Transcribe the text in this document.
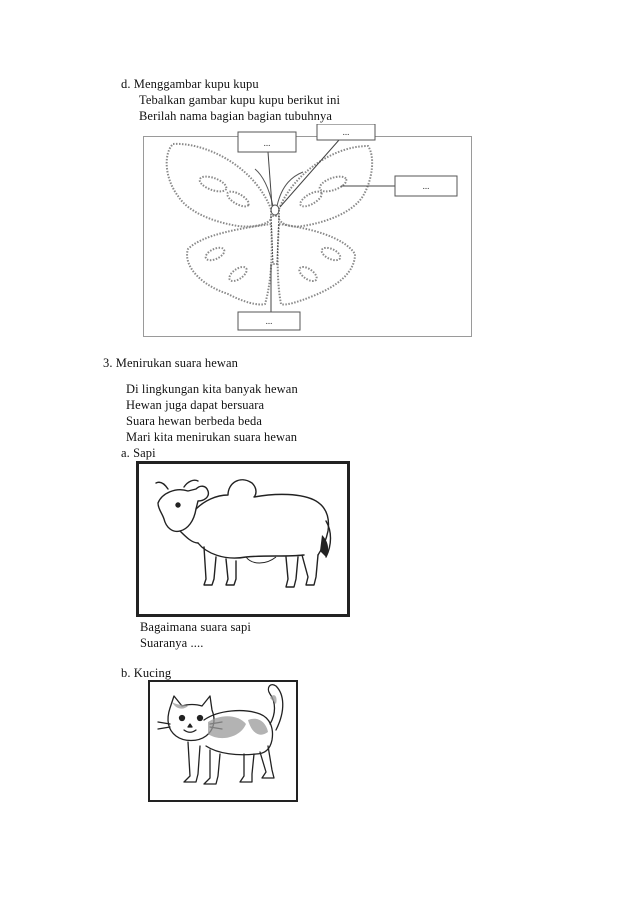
d. Menggambar kupu kupu
Tebalkan gambar kupu kupu berikut ini
Berilah nama bagian bagian tubuhnya
...
...
...
...
3. Menirukan suara hewan
Di lingkungan kita banyak hewan
Hewan juga dapat bersuara
Suara hewan berbeda beda
Mari kita menirukan suara hewan
a. Sapi
Bagaimana suara sapi
Suaranya ....
b. Kucing
